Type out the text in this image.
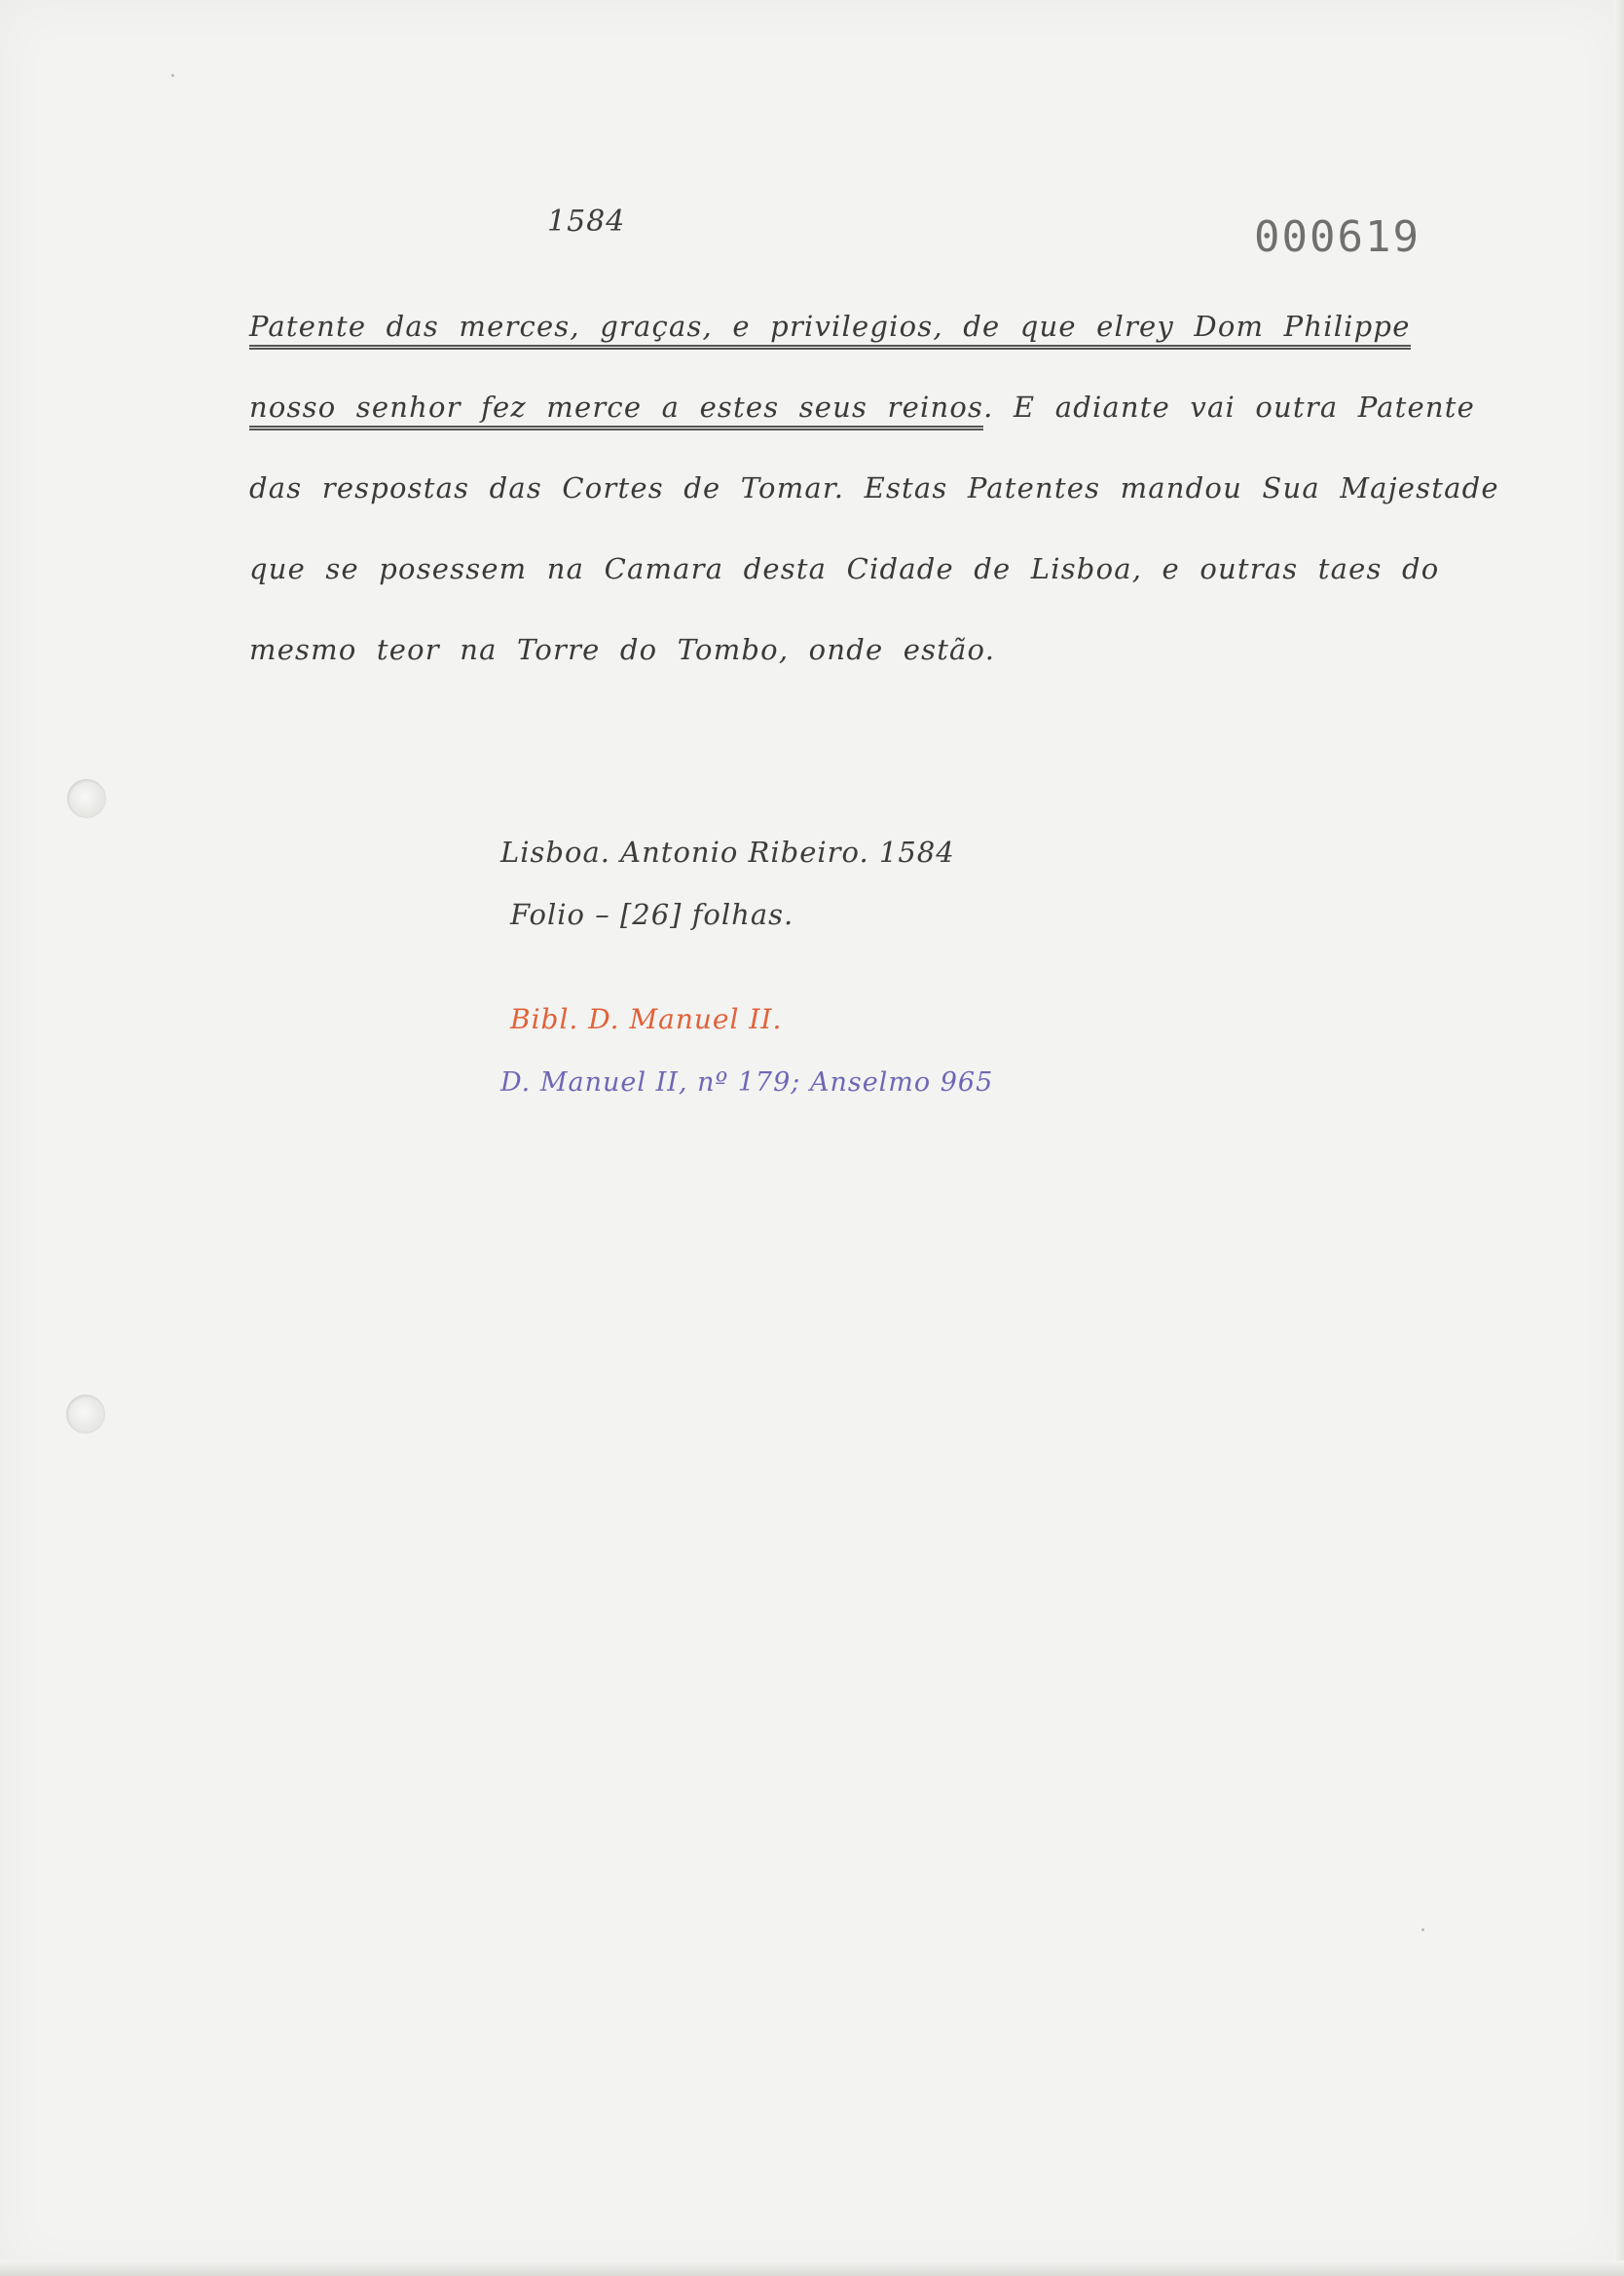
1584	000619
Patente das merces, graças, e privilegios, de que elrey Dom Philippe
nosso senhor fez merce a estes seus reinos. E adiante vai outra Patente
das respostas das Cortes de Tomar. Estas Patentes mandou Sua Majestade
que se posessem na Camara desta Cidade de Lisboa, e outras taes do
mesmo teor na Torre do Tombo, onde estão.
Lisboa. Antonio Ribeiro. 1584
Folio – [26] folhas.
Bibl. D. Manuel II.
D. Manuel II, nº 179; Anselmo 965
